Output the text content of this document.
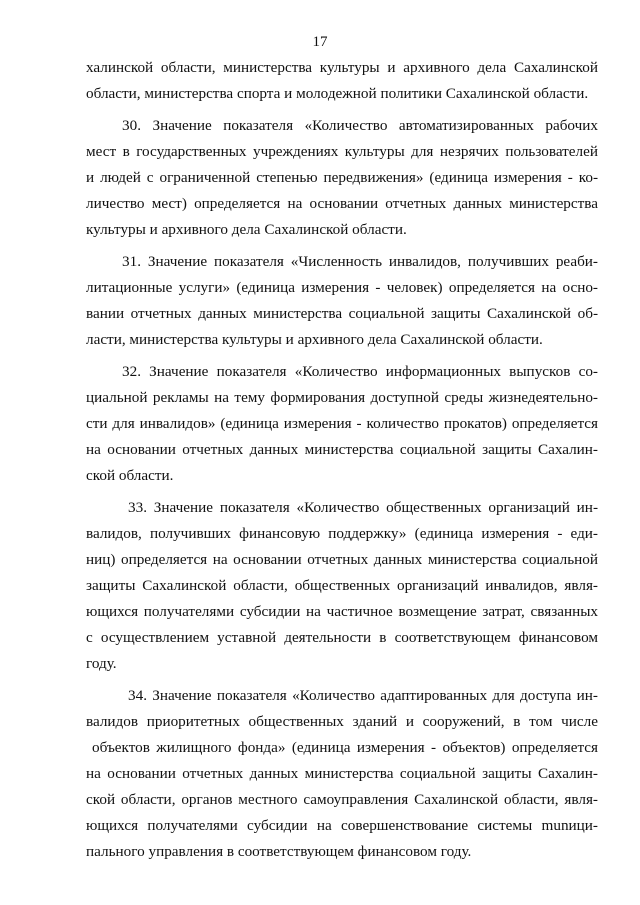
17
халинской области, министерства культуры и архивного дела Сахалинской
области, министерства спорта и молодежной политики Сахалинской области.
30. Значение показателя «Количество автоматизированных рабочих
мест в государственных учреждениях культуры для незрячих пользователей
и людей с ограниченной степенью передвижения» (единица измерения - ко-
личество мест) определяется на основании отчетных данных министерства
культуры и архивного дела Сахалинской области.
31. Значение показателя «Численность инвалидов, получивших реаби-
литационные услуги» (единица измерения - человек) определяется на осно-
вании отчетных данных министерства социальной защиты Сахалинской об-
ласти, министерства культуры и архивного дела Сахалинской области.
32. Значение показателя «Количество информационных выпусков со-
циальной рекламы на тему формирования доступной среды жизнедеятельно-
сти для инвалидов» (единица измерения - количество прокатов) определяется
на основании отчетных данных министерства социальной защиты Сахалин-
ской области.
33. Значение показателя «Количество общественных организаций ин-
валидов, получивших финансовую поддержку» (единица измерения - еди-
ниц) определяется на основании отчетных данных министерства социальной
защиты Сахалинской области, общественных организаций инвалидов, явля-
ющихся получателями субсидии на частичное возмещение затрат, связанных
с осуществлением уставной деятельности в соответствующем финансовом
году.
34. Значение показателя «Количество адаптированных для доступа ин-
валидов приоритетных общественных зданий и сооружений, в том числе
объектов жилищного фонда» (единица измерения - объектов) определяется
на основании отчетных данных министерства социальной защиты Сахалин-
ской области, органов местного самоуправления Сахалинской области, явля-
ющихся получателями субсидии на совершенствование системы munици-
пального управления в соответствующем финансовом году.
